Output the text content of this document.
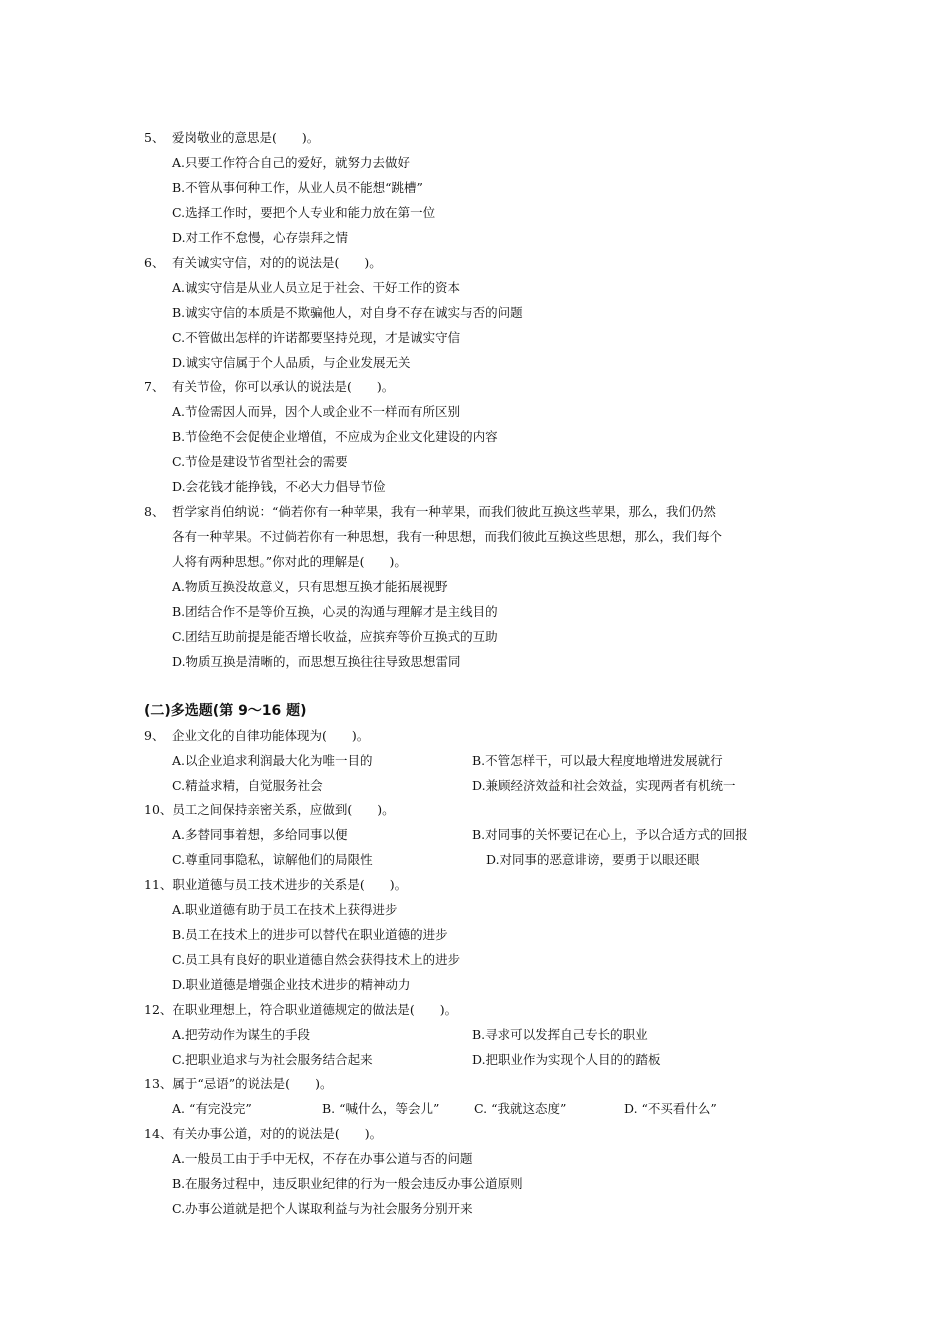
5、 爱岗敬业的意思是(　　)。
A.只要工作符合自己的爱好，就努力去做好
B.不管从事何种工作，从业人员不能想“跳槽”
C.选择工作时，要把个人专业和能力放在第一位
D.对工作不怠慢，心存崇拜之情
6、 有关诚实守信，对的的说法是(　　)。
A.诚实守信是从业人员立足于社会、干好工作的资本
B.诚实守信的本质是不欺骗他人，对自身不存在诚实与否的问题
C.不管做出怎样的许诺都要坚持兑现，才是诚实守信
D.诚实守信属于个人品质，与企业发展无关
7、 有关节俭，你可以承认的说法是(　　)。
A.节俭需因人而异，因个人或企业不一样而有所区别
B.节俭绝不会促使企业增值，不应成为企业文化建设的内容
C.节俭是建设节省型社会的需要
D.会花钱才能挣钱，不必大力倡导节俭
8、 哲学家肖伯纳说：“倘若你有一种苹果，我有一种苹果，而我们彼此互换这些苹果，那么，我们仍然
各有一种苹果。不过倘若你有一种思想，我有一种思想，而我们彼此互换这些思想，那么，我们每个
人将有两种思想。”你对此的理解是(　　)。
A.物质互换没故意义，只有思想互换才能拓展视野
B.团结合作不是等价互换，心灵的沟通与理解才是主线目的
C.团结互助前提是能否增长收益，应摈弃等价互换式的互助
D.物质互换是清晰的，而思想互换往往导致思想雷同
(二)多选题(第 9～16 题)
9、 企业文化的自律功能体现为(　　)。
A.以企业追求利润最大化为唯一目的	B.不管怎样干，可以最大程度地增进发展就行
C.精益求精，自觉服务社会	D.兼顾经济效益和社会效益，实现两者有机统一
10、员工之间保持亲密关系，应做到(　　)。
A.多替同事着想，多给同事以便	B.对同事的关怀要记在心上，予以合适方式的回报
C.尊重同事隐私，谅解他们的局限性	D.对同事的恶意诽谤，要勇于以眼还眼
11、职业道德与员工技术进步的关系是(　　)。
A.职业道德有助于员工在技术上获得进步
B.员工在技术上的进步可以替代在职业道德的进步
C.员工具有良好的职业道德自然会获得技术上的进步
D.职业道德是增强企业技术进步的精神动力
12、在职业理想上，符合职业道德规定的做法是(　　)。
A.把劳动作为谋生的手段	B.寻求可以发挥自己专长的职业
C.把职业追求与为社会服务结合起来	D.把职业作为实现个人目的的踏板
13、属于“忌语”的说法是(　　)。
A. “有完没完”	B. “喊什么，等会儿”	C. “我就这态度”	D. “不买看什么”
14、有关办事公道，对的的说法是(　　)。
A.一般员工由于手中无权，不存在办事公道与否的问题
B.在服务过程中，违反职业纪律的行为一般会违反办事公道原则
C.办事公道就是把个人谋取利益与为社会服务分别开来
